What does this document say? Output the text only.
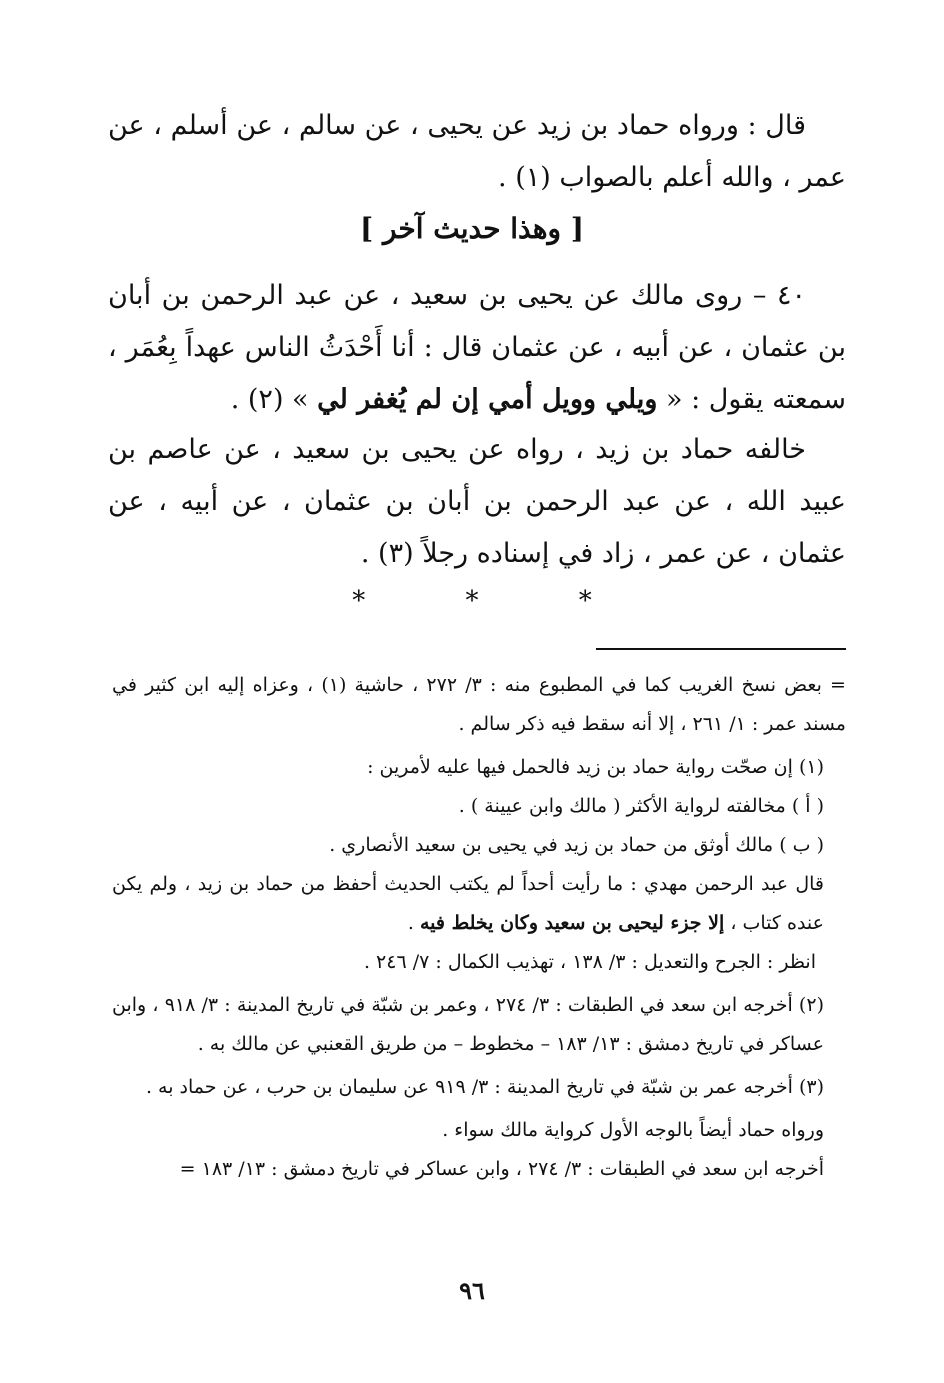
قال : ورواه حماد بن زيد عن يحيى ، عن سالم ، عن أسلم ، عن عمر ، والله أعلم بالصواب (١) .

[ وهذا حديث آخر ]

٤٠ – روى مالك عن يحيى بن سعيد ، عن عبد الرحمن بن أبان بن عثمان ، عن أبيه ، عن عثمان قال : أنا أَحْدَثُ الناس عهداً بِعُمَر ، سمعته يقول : « ويلي وويل أمي إن لم يُغفر لي » (٢) .

خالفه حماد بن زيد ، رواه عن يحيى بن سعيد ، عن عاصم بن عبيد الله ، عن عبد الرحمن بن أبان بن عثمان ، عن أبيه ، عن عثمان ، عن عمر ، زاد في إسناده رجلاً (٣) .

* * *

= بعض نسخ الغريب كما في المطبوع منه : ٣/ ٢٧٢ ، حاشية (١) ، وعزاه إليه ابن كثير في مسند عمر : ١/ ٢٦١ ، إلا أنه سقط فيه ذكر سالم .

(١) إن صحّت رواية حماد بن زيد فالحمل فيها عليه لأمرين :

( أ ) مخالفته لرواية الأكثر ( مالك وابن عيينة ) .

( ب ) مالك أوثق من حماد بن زيد في يحيى بن سعيد الأنصاري .

قال عبد الرحمن مهدي : ما رأيت أحداً لم يكتب الحديث أحفظ من حماد بن زيد ، ولم يكن عنده كتاب ، إلا جزء ليحيى بن سعيد وكان يخلط فيه .

انظر : الجرح والتعديل : ٣/ ١٣٨ ، تهذيب الكمال : ٧/ ٢٤٦ .

(٢) أخرجه ابن سعد في الطبقات : ٣/ ٢٧٤ ، وعمر بن شبّة في تاريخ المدينة : ٣/ ٩١٨ ، وابن عساكر في تاريخ دمشق : ١٣/ ١٨٣ – مخطوط – من طريق القعنبي عن مالك به .

(٣) أخرجه عمر بن شبّة في تاريخ المدينة : ٣/ ٩١٩ عن سليمان بن حرب ، عن حماد به .

ورواه حماد أيضاً بالوجه الأول كرواية مالك سواء .

أخرجه ابن سعد في الطبقات : ٣/ ٢٧٤ ، وابن عساكر في تاريخ دمشق : ١٣/ ١٨٣ =

٩٦
